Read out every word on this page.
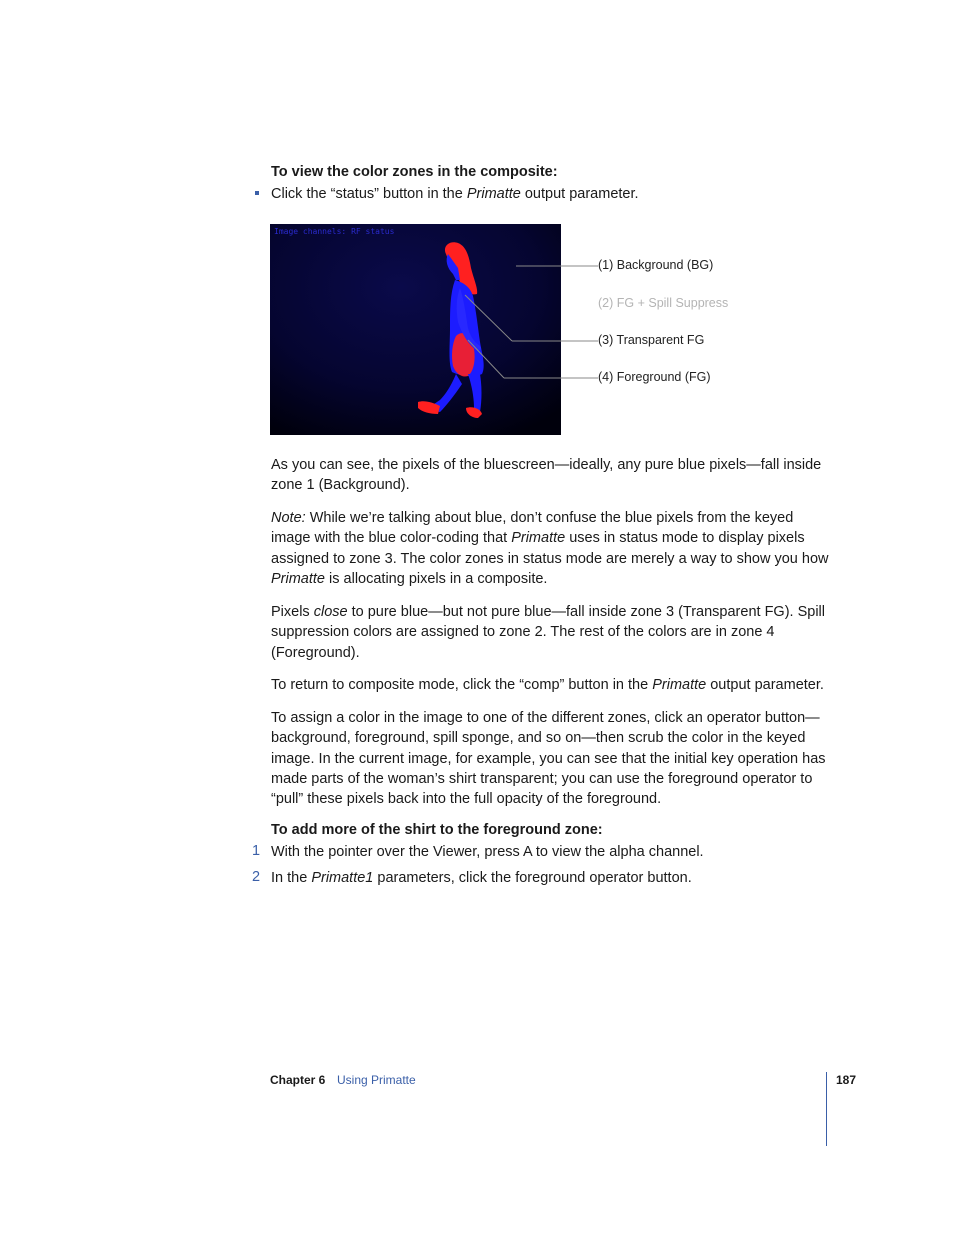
To view the color zones in the composite:
Click the “status” button in the Primatte output parameter.
Image channels: RF status
(1) Background (BG)
(2) FG + Spill Suppress
(3) Transparent FG
(4) Foreground (FG)

As you can see, the pixels of the bluescreen—ideally, any pure blue pixels—fall inside zone 1 (Background).

Note: While we’re talking about blue, don’t confuse the blue pixels from the keyed image with the blue color-coding that Primatte uses in status mode to display pixels assigned to zone 3. The color zones in status mode are merely a way to show you how Primatte is allocating pixels in a composite.

Pixels close to pure blue—but not pure blue—fall inside zone 3 (Transparent FG). Spill suppression colors are assigned to zone 2. The rest of the colors are in zone 4 (Foreground).

To return to composite mode, click the “comp” button in the Primatte output parameter.

To assign a color in the image to one of the different zones, click an operator button—background, foreground, spill sponge, and so on—then scrub the color in the keyed image. In the current image, for example, you can see that the initial key operation has made parts of the woman’s shirt transparent; you can use the foreground operator to “pull” these pixels back into the full opacity of the foreground.

To add more of the shirt to the foreground zone:
1 With the pointer over the Viewer, press A to view the alpha channel.
2 In the Primatte1 parameters, click the foreground operator button.
Chapter 6 Using Primatte	187
